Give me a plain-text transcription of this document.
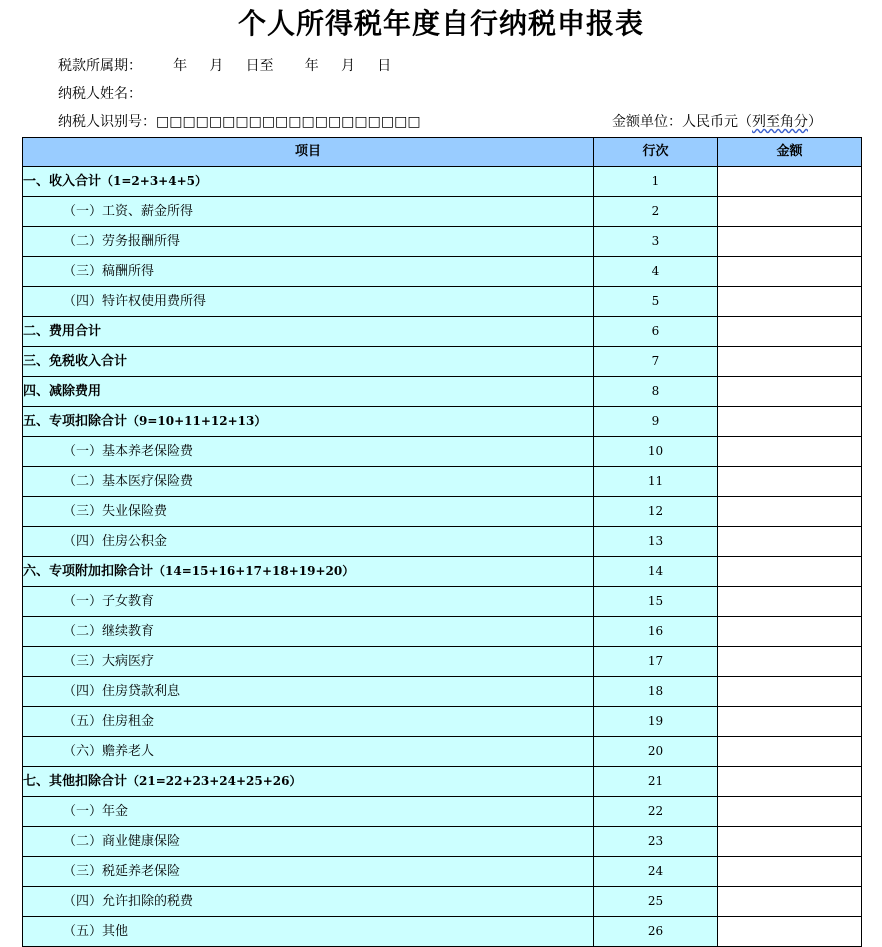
个人所得税年度自行纳税申报表
税款所属期：       年     月     日至       年     月     日
纳税人姓名：
纳税人识别号：□□□□□□□□□□□□□□□□□□□□	金额单位：人民币元（列至角分）
项目	行次	金额
一、收入合计（1=2+3+4+5）	1	
（一）工资、薪金所得	2	
（二）劳务报酬所得	3	
（三）稿酬所得	4	
（四）特许权使用费所得	5	
二、费用合计	6	
三、免税收入合计	7	
四、减除费用	8	
五、专项扣除合计（9=10+11+12+13）	9	
（一）基本养老保险费	10	
（二）基本医疗保险费	11	
（三）失业保险费	12	
（四）住房公积金	13	
六、专项附加扣除合计（14=15+16+17+18+19+20）	14	
（一）子女教育	15	
（二）继续教育	16	
（三）大病医疗	17	
（四）住房贷款利息	18	
（五）住房租金	19	
（六）赡养老人	20	
七、其他扣除合计（21=22+23+24+25+26）	21	
（一）年金	22	
（二）商业健康保险	23	
（三）税延养老保险	24	
（四）允许扣除的税费	25	
（五）其他	26	
